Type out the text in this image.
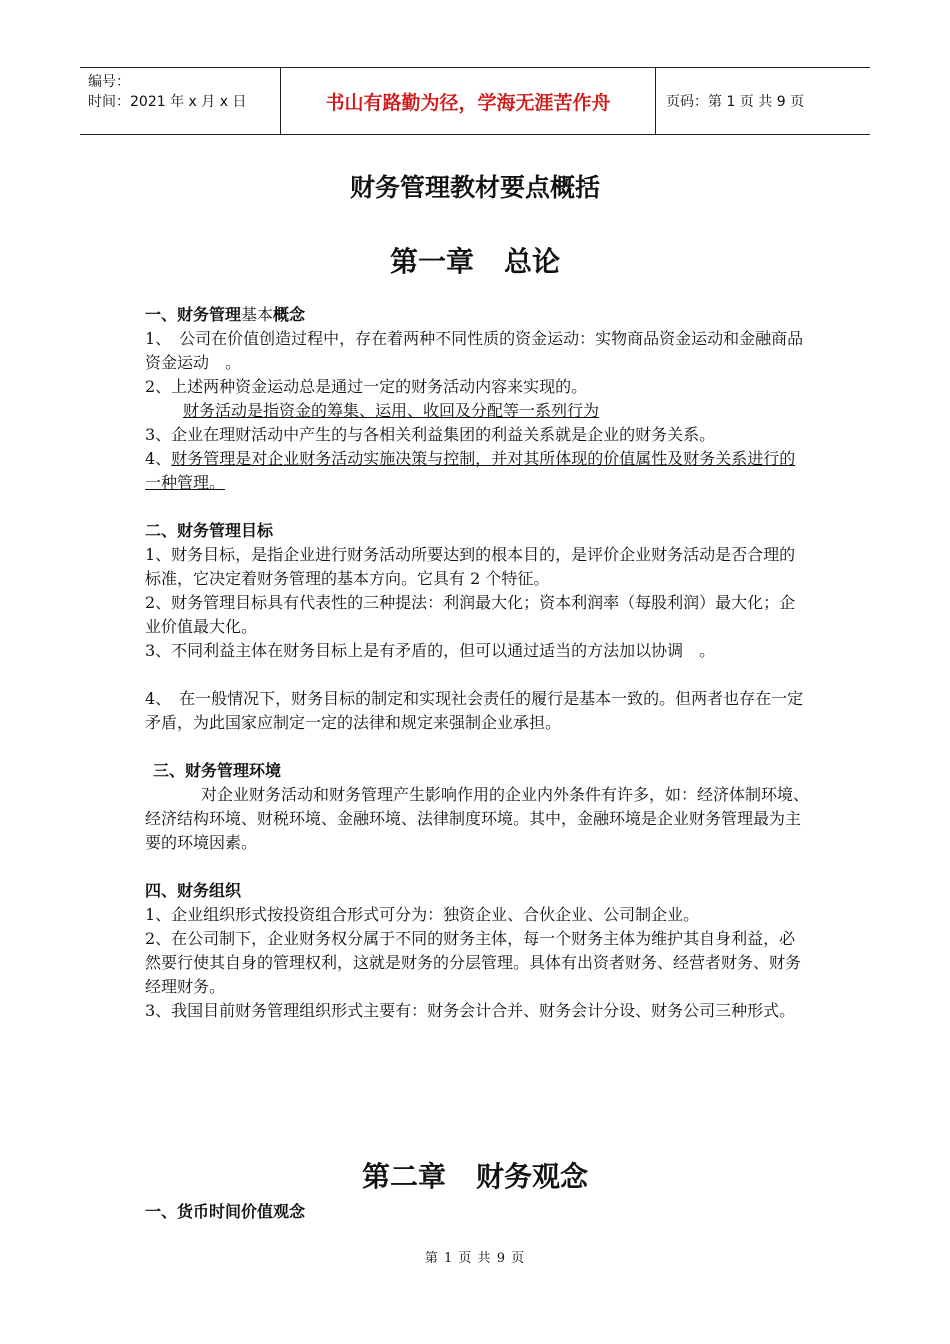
编号：
时间：2021 年 x 月 x 日	书山有路勤为径，学海无涯苦作舟	页码：第 1 页 共 9 页
财务管理教材要点概括
第一章 总论

一、财务管理基本概念

1、　公司在价值创造过程中，存在着两种不同性质的资金运动：实物商品资金运动和金融商品资金运动　。

2、上述两种资金运动总是通过一定的财务活动内容来实现的。

财务活动是指资金的筹集、运用、收回及分配等一系列行为

3、企业在理财活动中产生的与各相关利益集团的利益关系就是企业的财务关系。

4、财务管理是对企业财务活动实施决策与控制，并对其所体现的价值属性及财务关系进行的一种管理。

二、财务管理目标

1、财务目标，是指企业进行财务活动所要达到的根本目的，是评价企业财务活动是否合理的标准，它决定着财务管理的基本方向。它具有 2 个特征。

2、财务管理目标具有代表性的三种提法：利润最大化；资本利润率（每股利润）最大化；企业价值最大化。

3、不同利益主体在财务目标上是有矛盾的，但可以通过适当的方法加以协调　。

4、　在一般情况下，财务目标的制定和实现社会责任的履行是基本一致的。但两者也存在一定矛盾，为此国家应制定一定的法律和规定来强制企业承担。

三、财务管理环境

对企业财务活动和财务管理产生影响作用的企业内外条件有许多，如：经济体制环境、经济结构环境、财税环境、金融环境、法律制度环境。其中，金融环境是企业财务管理最为主要的环境因素。

四、财务组织

1、企业组织形式按投资组合形式可分为：独资企业、合伙企业、公司制企业。

2、在公司制下，企业财务权分属于不同的财务主体，每一个财务主体为维护其自身利益，必然要行使其自身的管理权利，这就是财务的分层管理。具体有出资者财务、经营者财务、财务经理财务。

3、我国目前财务管理组织形式主要有：财务会计合并、财务会计分设、财务公司三种形式。

第二章 财务观念

一、货币时间价值观念

第 1 页 共 9 页
